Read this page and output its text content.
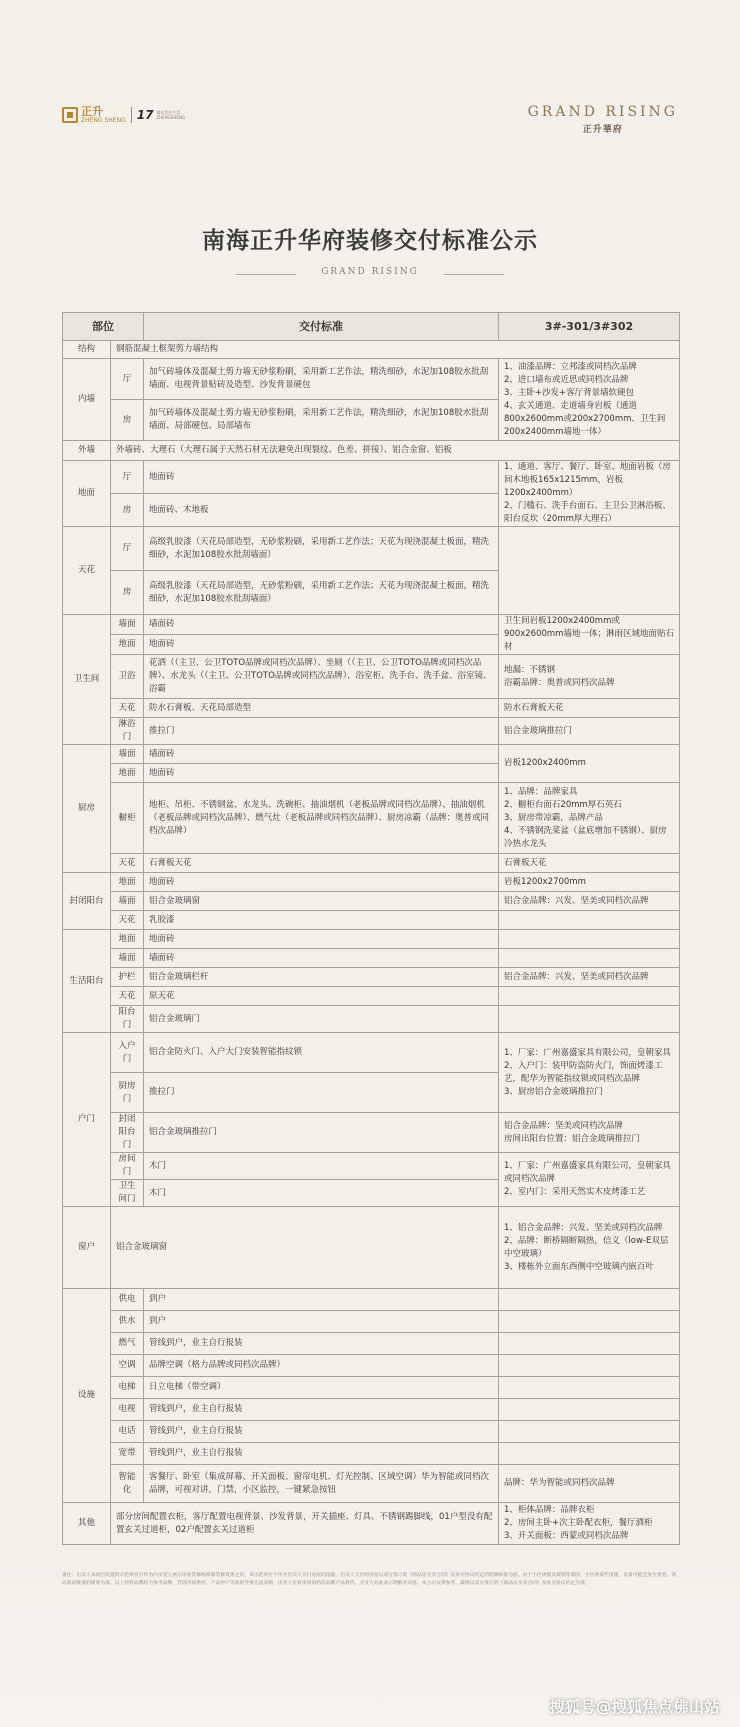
正升
ZHENG SHENG 17 精筑美好生活 ZHENGSHENG	GRAND RISING
正升華府
南海正升华府装修交付标准公示
GRAND RISING
部位		交付标准	3#-301/3#302
结构	钢筋混凝土框架剪力墙结构		
内墙	厅	加气砖墙体及混凝土剪力墙无砂浆粉刷，采用新工艺作法，精洗细砂，水泥加108胶水批刮墙面、电视背景贴砖及造型、沙发背景硬包	1、油漆品牌：立邦漆或同档次品牌
2、进口墙布或近思或同档次品牌
3、主卧+沙发+客厅背景墙软硬包
4、玄关通道、走道墙身岩板（通道800x2600mm或200x2700mm、卫生间200x2400mm墙地一体）
	房	加气砖墙体及混凝土剪力墙无砂浆粉刷，采用新工艺作法，精洗细砂，水泥加108胶水批刮墙面、局部硬包、局部墙布	
外墙	外墙砖、大理石（大理石属于天然石材无法避免出现裂纹、色差、拼接）、铝合金窗、铝板		
地面	厅	地面砖	1、通道、客厅、餐厅、卧室、地面岩板（房间木地板165x1215mm，岩板1200x2400mm）
2、门槛石、洗手台面石、主卫公卫淋浴板、阳台反坎（20mm厚大理石）
	房	地面砖、木地板	
天花	厅	高级乳胶漆（天花局部造型，无砂浆粉刷，采用新工艺作法；天花为现浇混凝土板面，精洗细砂，水泥加108胶水批刮墙面）	
	房	高级乳胶漆（天花局部造型，无砂浆粉刷，采用新工艺作法；天花为现浇混凝土板面，精洗细砂，水泥加108胶水批刮墙面）	
卫生间	墙面	墙面砖	卫生间岩板1200x2400mm或900x2600mm墙地一体；淋雨区域地面贴石材
	地面	地面砖	
	卫浴	花洒（（主卫、公卫TOTO品牌或同档次品牌）、坐厕（（主卫、公卫TOTO品牌或同档次品牌）、水龙头（（主卫、公卫TOTO品牌或同档次品牌）、浴室柜、洗手台、洗手盆、浴室镜、浴霸	地漏：不锈钢
浴霸品牌：奥普或同档次品牌
	天花	防水石膏板、天花局部造型	防水石膏板天花
	淋浴门	推拉门	铝合金玻璃推拉门
厨房	墙面	墙面砖	岩板1200x2400mm
	地面	地面砖	
	橱柜	地柜、吊柜、不锈钢盆、水龙头、洗碗柜、抽油烟机（老板品牌或同档次品牌）、抽油烟机（老板品牌或同档次品牌）、燃气灶（老板品牌或同档次品牌）、厨房凉霸（品牌：奥普或同档次品牌）	1、品牌：品牌家具
2、橱柜台面石20mm厚石英石
3、厨房带凉霸，品牌产品
4、不锈钢洗菜盆（盆底增加不锈钢）、厨房冷热水龙头
	天花	石膏板天花	石膏板天花
封闭阳台	地面	地面砖	岩板1200x2700mm
	墙面	铝合金玻璃窗	铝合金品牌：兴发、坚美或同档次品牌
	天花	乳胶漆	
生活阳台	地面	地面砖	
	墙面	墙面砖	
	护栏	铝合金玻璃栏杆	铝合金品牌：兴发、坚美或同档次品牌
	天花	原天花	
	阳台门	铝合金玻璃门	
户门	入户门	铝合金防火门、入户大门安装智能指纹锁	1、厂家：广州嘉盛家具有限公司，皇朝家具
2、入户门：装甲防盗防火门，饰面烤漆工艺，配华为智能指纹锁或同档次品牌
3、厨房铝合金玻璃推拉门
	厨房门	推拉门	
	封闭阳台门	铝合金玻璃推拉门	铝合金品牌：坚美或同档次品牌
房间出阳台位置：铝合金玻璃推拉门
	房间门	木门	1、厂家：广州嘉盛家具有限公司，皇朝家具或同档次品牌
2、室内门：采用天然实木皮烤漆工艺
	卫生间门	木门	
窗户	铝合金玻璃窗		1、铝合金品牌：兴发、坚美或同档次品牌
2、品牌：断桥隔断隔热，信义（low-E双层中空玻璃）
3、楼栋外立面东西侧中空玻璃内嵌百叶
设施	供电	到户	
	供水	到户	
	燃气	管线到户，业主自行报装	
	空调	品牌空调（格力品牌或同档次品牌）	
	电梯	日立电梯（带空调）	
	电视	管线到户，业主自行报装	
	电话	管线到户，业主自行报装	
	宽带	管线到户，业主自行报装	
	智能化	客餐厅、卧室（集成屏幕、开关面板、窗帘电机、灯光控制、区域空调）华为智能或同档次品牌，可视对讲，门禁，小区监控，一键紧急按钮	品牌：华为智能或同档次品牌
其他	部分房间配置衣柜，客厅配置电视背景、沙发背景，开关插座、灯具、不锈钢踢脚线，01户型没有配置玄关过道柜，02户配置玄关过道柜		1、柜体品牌：品牌衣柜
2、房间主卧+次主卧配衣柜，餐厅酒柜
3、开关面板：西蒙或同档次品牌
备注：出卖人本项目设置的示范单位只作为向买受人展示房屋装修标准和装修效果之用，该示范单位不作为出卖人交付房屋的依据，出卖人交付的房屋以双方签订的《商品房买卖合同》及补充协议约定的装修标准为准。由于小区规模及规划等原因，小区的某些设施、设备可能会发生变更，请以政府批准的规划为准。以上材料品牌均为参考品牌，若因市场供应、产品停产等原因导致无法采购，出卖人有权采用同档次品牌产品替代，买受人对此表示理解并同意。本公示仅供参考，最终以双方签订的《商品房买卖合同》及补充协议约定为准。
搜狐号@搜狐焦点佛山站
